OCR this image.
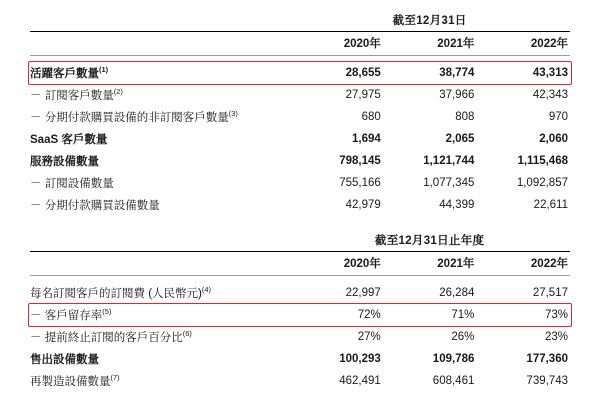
	截至12月31日		

	2020年	2021年	2022年

活躍客戶數量$^{(1)}$	28,655	38,774	43,313
－ 訂閱客戶數量$^{(2)}$	27,975	37,966	42,343
－ 分期付款購買設備的非訂閱客戶數量$^{(3)}$	680	808	970
SaaS 客戶數量	1,694	2,065	2,060
服務設備數量	798,145	1,121,744	1,115,468
－ 訂閱設備數量	755,166	1,077,345	1,092,857
－ 分期付款購買設備數量	42,979	44,399	22,611

	截至12月31日止年度		

	2020年	2021年	2022年

每名訂閱客戶的訂閱費 (人民幣元)$^{(4)}$	22,997	26,284	27,517
－ 客戶留存率$^{(5)}$	72%	71%	73%
－ 提前終止訂閱的客戶百分比$^{(6)}$	27%	26%	23%
售出設備數量	100,293	109,786	177,360
再製造設備數量$^{(7)}$	462,491	608,461	739,743
